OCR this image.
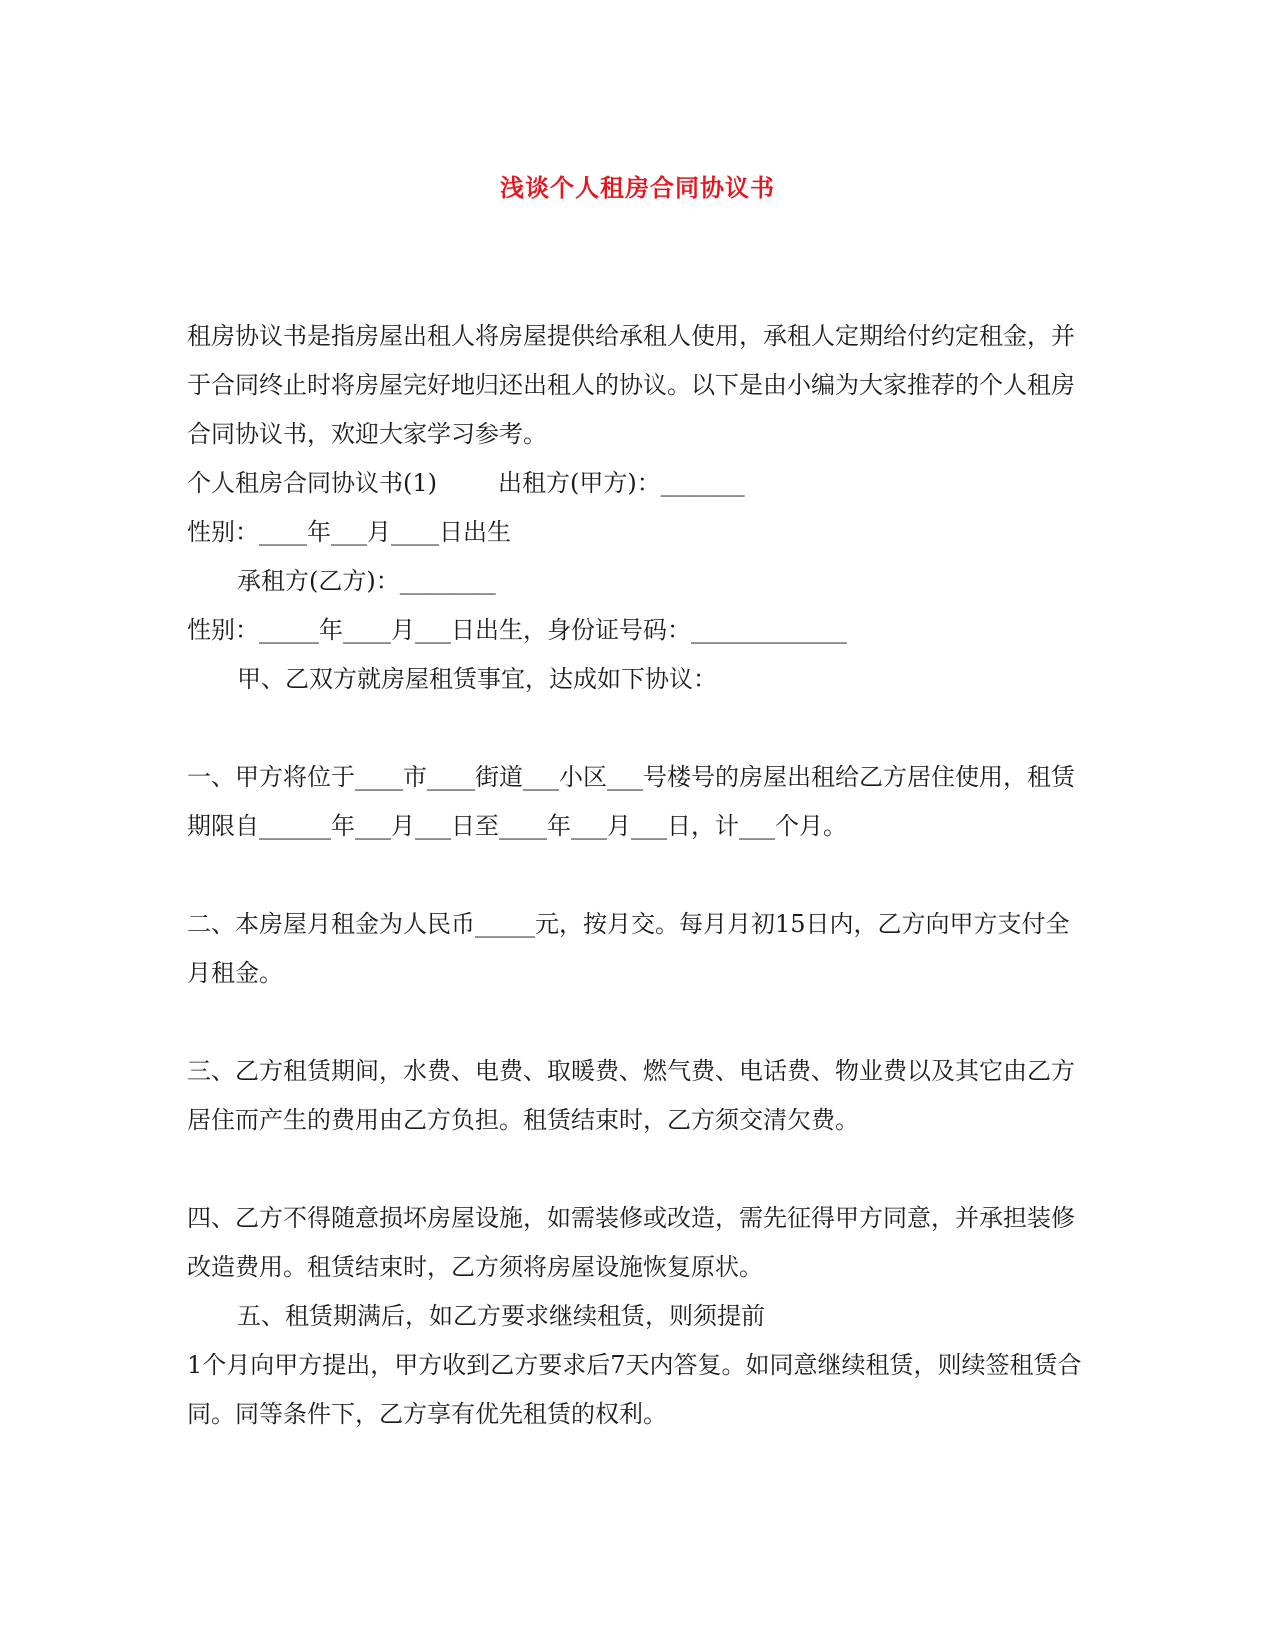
浅谈个人租房合同协议书

租房协议书是指房屋出租人将房屋提供给承租人使用，承租人定期给付约定租金，并于合同终止时将房屋完好地归还出租人的协议。以下是由小编为大家推荐的个人租房合同协议书，欢迎大家学习参考。

个人租房合同协议书(1)        出租方(甲方)：_______

性别：____年___月____日出生

承租方(乙方)：________

性别：_____年____月___日出生，身份证号码：_____________

甲、乙双方就房屋租赁事宜，达成如下协议：

一、甲方将位于____市____街道___小区___号楼号的房屋出租给乙方居住使用，租赁期限自______年___月___日至____年___月___日，计___个月。

二、本房屋月租金为人民币_____元，按月交。每月月初15日内，乙方向甲方支付全月租金。

三、乙方租赁期间，水费、电费、取暖费、燃气费、电话费、物业费以及其它由乙方居住而产生的费用由乙方负担。租赁结束时，乙方须交清欠费。

四、乙方不得随意损坏房屋设施，如需装修或改造，需先征得甲方同意，并承担装修改造费用。租赁结束时，乙方须将房屋设施恢复原状。

五、租赁期满后，如乙方要求继续租赁，则须提前

1个月向甲方提出，甲方收到乙方要求后7天内答复。如同意继续租赁，则续签租赁合同。同等条件下，乙方享有优先租赁的权利。
